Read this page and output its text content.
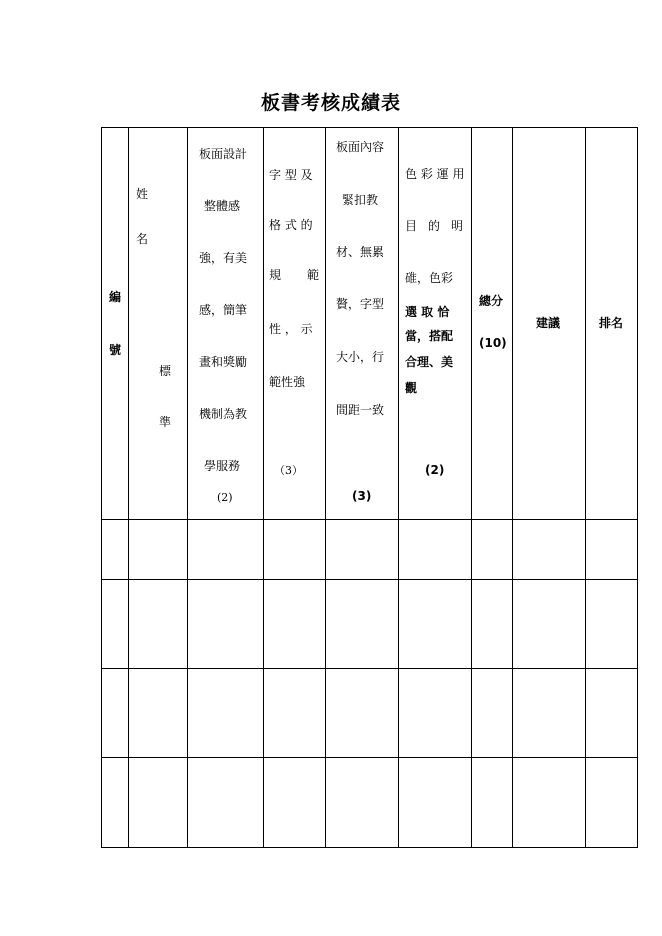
板書考核成績表
編
號
姓
名
標
準
板面設計
整體感
強，有美
感，簡筆
畫和獎勵
機制為教
學服務
(2)
字 型 及
格 式 的
規 範
性 ， 示
範性強
（3）
板面內容
緊扣教
材、無累
贅，字型
大小，行
間距一致
(3)
色 彩 運 用
目 的 明
碓，色彩
選 取 恰
當，搭配
合理、美
觀
(2)
總分
(10)
建議	排名
